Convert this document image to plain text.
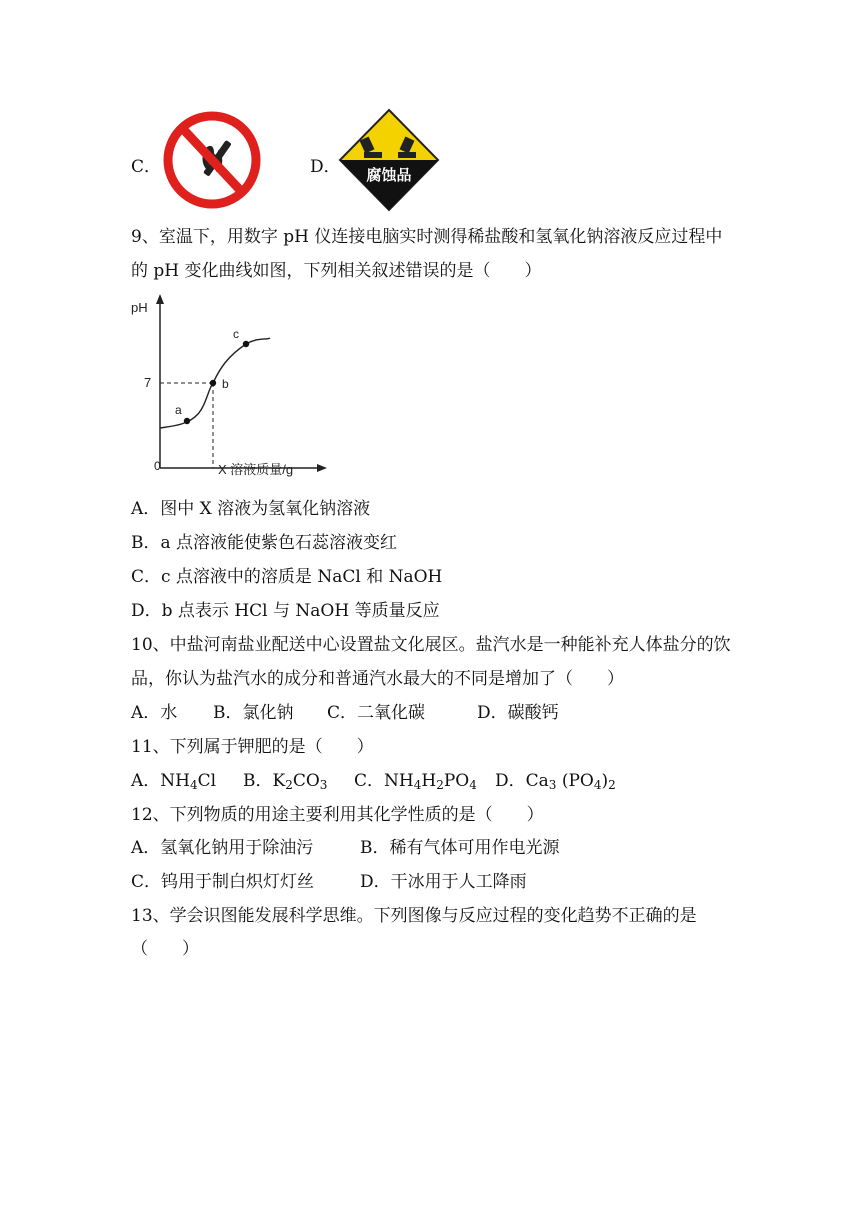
C．	D． 腐蚀品
9、室温下，用数字 pH 仪连接电脑实时测得稀盐酸和氢氧化钠溶液反应过程中
的 pH 变化曲线如图，下列相关叙述错误的是（　　）
pH
0	X 溶液质量/g
7
a
b
c
A．图中 X 溶液为氢氧化钠溶液
B．a 点溶液能使紫色石蕊溶液变红
C．c 点溶液中的溶质是 NaCl 和 NaOH
D．b 点表示 HCl 与 NaOH 等质量反应
10、中盐河南盐业配送中心设置盐文化展区。盐汽水是一种能补充人体盐分的饮
品，你认为盐汽水的成分和普通汽水最大的不同是增加了（　　）
A．水 B．氯化钠 C．二氧化碳	D．碳酸钙
11、下列属于钾肥的是（　　）
A．$NH_4Cl$ B．$K_2CO_3$ C．$NH_4H_2PO_4$ D．$Ca_3$ $(PO_4)_2$
12、下列物质的用途主要利用其化学性质的是（　　）
A．氢氧化钠用于除油污	B．稀有气体可用作电光源
C．钨用于制白炽灯灯丝	D．干冰用于人工降雨
13、学会识图能发展科学思维。下列图像与反应过程的变化趋势不正确的是
（　　）
